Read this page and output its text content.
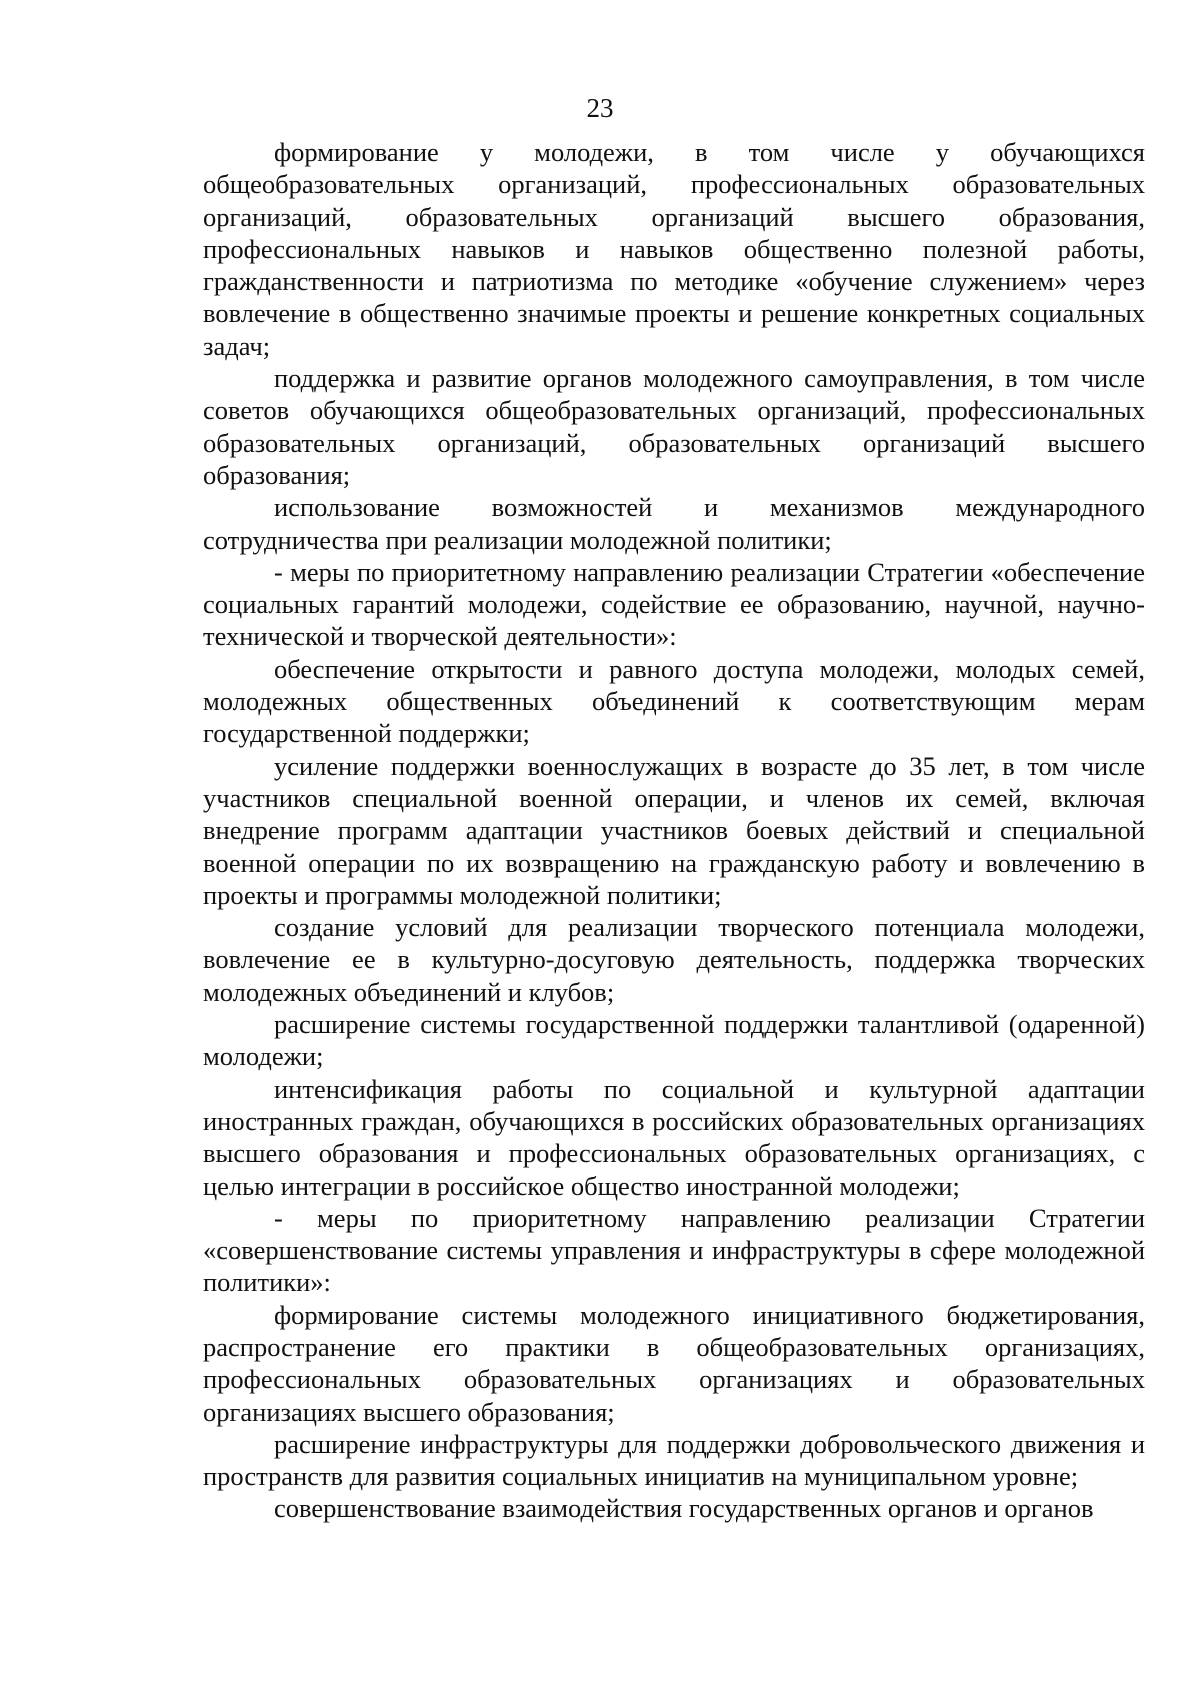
23

формирование у молодежи, в том числе у обучающихся общеобразовательных организаций, профессиональных образовательных организаций, образовательных организаций высшего образования, профессиональных навыков и навыков общественно полезной работы, гражданственности и патриотизма по методике «обучение служением» через вовлечение в общественно значимые проекты и решение конкретных социальных задач;

поддержка и развитие органов молодежного самоуправления, в том числе советов обучающихся общеобразовательных организаций, профессиональных образовательных организаций, образовательных организаций высшего образования;

использование возможностей и механизмов международного сотрудничества при реализации молодежной политики;

- меры по приоритетному направлению реализации Стратегии «обеспечение социальных гарантий молодежи, содействие ее образованию, научной, научно-технической и творческой деятельности»:

обеспечение открытости и равного доступа молодежи, молодых семей, молодежных общественных объединений к соответствующим мерам государственной поддержки;

усиление поддержки военнослужащих в возрасте до 35 лет, в том числе участников специальной военной операции, и членов их семей, включая внедрение программ адаптации участников боевых действий и специальной военной операции по их возвращению на гражданскую работу и вовлечению в проекты и программы молодежной политики;

создание условий для реализации творческого потенциала молодежи, вовлечение ее в культурно-досуговую деятельность, поддержка творческих молодежных объединений и клубов;

расширение системы государственной поддержки талантливой (одаренной) молодежи;

интенсификация работы по социальной и культурной адаптации иностранных граждан, обучающихся в российских образовательных организациях высшего образования и профессиональных образовательных организациях, с целью интеграции в российское общество иностранной молодежи;

- меры по приоритетному направлению реализации Стратегии «совершенствование системы управления и инфраструктуры в сфере молодежной политики»:

формирование системы молодежного инициативного бюджетирования, распространение его практики в общеобразовательных организациях, профессиональных образовательных организациях и образовательных организациях высшего образования;

расширение инфраструктуры для поддержки добровольческого движения и пространств для развития социальных инициатив на муниципальном уровне;

совершенствование взаимодействия государственных органов и органов
